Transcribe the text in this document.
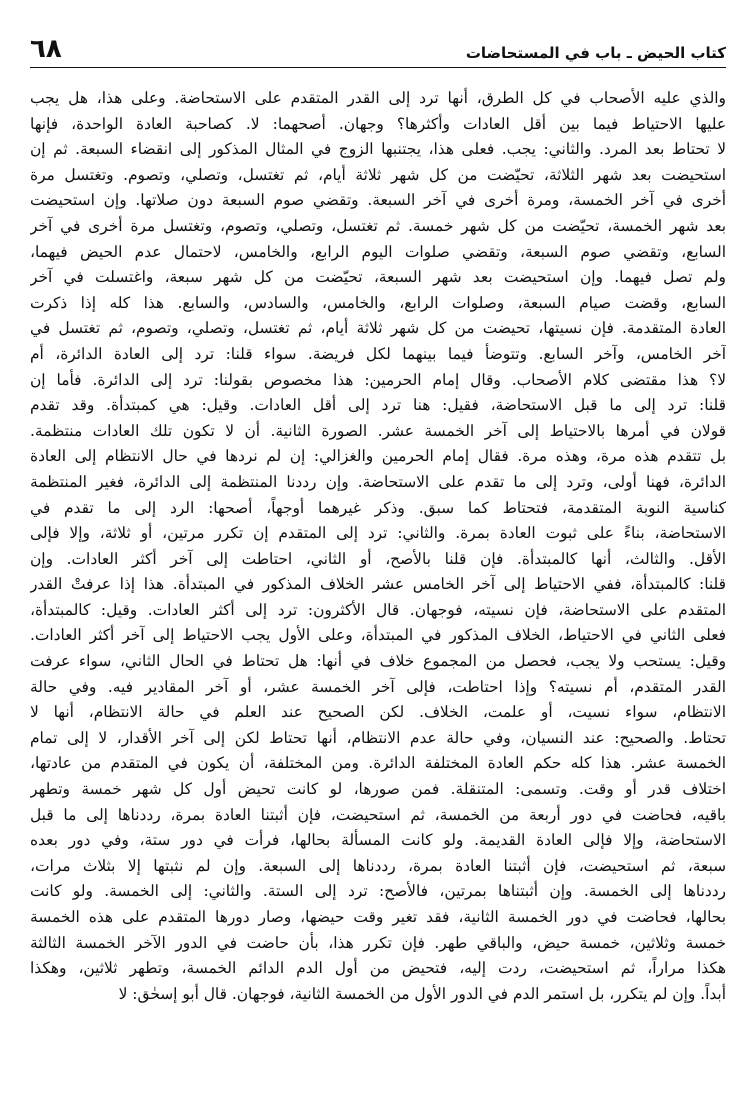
كتاب الحيض ـ باب في المستحاضات
٦٨
والذي عليه الأصحاب في كل الطرق، أنها ترد إلى القدر المتقدم على الاستحاضة. وعلى هذا، هل يجب
عليها الاحتياط فيما بين أقل العادات وأكثرها؟ وجهان. أصحهما: لا. كصاحبة العادة الواحدة، فإنها
لا تحتاط بعد المرد. والثاني: يجب. فعلى هذا، يجتنبها الزوج في المثال المذكور إلى انقضاء السبعة. ثم إن
استحيضت بعد شهر الثلاثة، تحيّضت من كل شهر ثلاثة أيام، ثم تغتسل، وتصلي، وتصوم. وتغتسل مرة
أخرى في آخر الخمسة، ومرة أخرى في آخر السبعة. وتقضي صوم السبعة دون صلاتها. وإن استحيضت
بعد شهر الخمسة، تحيّضت من كل شهر خمسة. ثم تغتسل، وتصلي، وتصوم، وتغتسل مرة أخرى في آخر
السابع، وتقضي صوم السبعة، وتقضي صلوات اليوم الرابع، والخامس، لاحتمال عدم الحيض فيهما،
ولم تصل فيهما. وإن استحيضت بعد شهر السبعة، تحيّضت من كل شهر سبعة، واغتسلت في آخر
السابع، وقضت صيام السبعة، وصلوات الرابع، والخامس، والسادس، والسابع. هذا كله إذا ذكرت
العادة المتقدمة. فإن نسيتها، تحيضت من كل شهر ثلاثة أيام، ثم تغتسل، وتصلي، وتصوم، ثم تغتسل في
آخر الخامس، وآخر السابع. وتتوضأ فيما بينهما لكل فريضة. سواء قلنا: ترد إلى العادة الدائرة، أم
لا؟ هذا مقتضى كلام الأصحاب. وقال إمام الحرمين: هذا مخصوص بقولنا: ترد إلى الدائرة. فأما إن
قلنا: ترد إلى ما قبل الاستحاضة، فقيل: هنا ترد إلى أقل العادات. وقيل: هي كمبتدأة. وقد تقدم
قولان في أمرها بالاحتياط إلى آخر الخمسة عشر. الصورة الثانية. أن لا تكون تلك العادات منتظمة.
بل تتقدم هذه مرة، وهذه مرة. فقال إمام الحرمين والغزالي: إن لم نردها في حال الانتظام إلى العادة
الدائرة، فهنا أولى، وترد إلى ما تقدم على الاستحاضة. وإن رددنا المنتظمة إلى الدائرة، فغير المنتظمة
كناسية النوبة المتقدمة، فتحتاط كما سبق. وذكر غيرهما أوجهاً، أصحها: الرد إلى ما تقدم في
الاستحاضة، بناءً على ثبوت العادة بمرة. والثاني: ترد إلى المتقدم إن تكرر مرتين، أو ثلاثة، وإلا فإلى
الأقل. والثالث، أنها كالمبتدأة. فإن قلنا بالأصح، أو الثاني، احتاطت إلى آخر أكثر العادات. وإن
قلنا: كالمبتدأة، ففي الاحتياط إلى آخر الخامس عشر الخلاف المذكور في المبتدأة. هذا إذا عرفتْ القدر
المتقدم على الاستحاضة، فإن نسيته، فوجهان. قال الأكثرون: ترد إلى أكثر العادات. وقيل: كالمبتدأة،
فعلى الثاني في الاحتياط، الخلاف المذكور في المبتدأة، وعلى الأول يجب الاحتياط إلى آخر أكثر العادات.
وقيل: يستحب ولا يجب، فحصل من المجموع خلاف في أنها: هل تحتاط في الحال الثاني، سواء عرفت
القدر المتقدم، أم نسيته؟ وإذا احتاطت، فإلى آخر الخمسة عشر، أو آخر المقادير فيه. وفي حالة
الانتظام، سواء نسيت، أو علمت، الخلاف. لكن الصحيح عند العلم في حالة الانتظام، أنها لا
تحتاط. والصحيح: عند النسيان، وفي حالة عدم الانتظام، أنها تحتاط لكن إلى آخر الأقدار، لا إلى تمام
الخمسة عشر. هذا كله حكم العادة المختلفة الدائرة. ومن المختلفة، أن يكون في المتقدم من عادتها،
اختلاف قدر أو وقت. وتسمى: المتنقلة. فمن صورها، لو كانت تحيض أول كل شهر خمسة وتطهر
باقيه، فحاضت في دور أربعة من الخمسة، ثم استحيضت، فإن أثبتنا العادة بمرة، رددناها إلى ما قبل
الاستحاضة، وإلا فإلى العادة القديمة. ولو كانت المسألة بحالها، فرأت في دور ستة، وفي دور بعده
سبعة، ثم استحيضت، فإن أثبتنا العادة بمرة، رددناها إلى السبعة. وإن لم نثبتها إلا بثلاث مرات،
رددناها إلى الخمسة. وإن أثبتناها بمرتين، فالأصح: ترد إلى الستة. والثاني: إلى الخمسة. ولو كانت
بحالها، فحاضت في دور الخمسة الثانية، فقد تغير وقت حيضها، وصار دورها المتقدم على هذه الخمسة
خمسة وثلاثين، خمسة حيض، والباقي طهر. فإن تكرر هذا، بأن حاضت في الدور الآخر الخمسة الثالثة
هكذا مراراً، ثم استحيضت، ردت إليه، فتحيض من أول الدم الدائم الخمسة، وتطهر ثلاثين، وهكذا
أبداً. وإن لم يتكرر، بل استمر الدم في الدور الأول من الخمسة الثانية، فوجهان. قال أبو إسحٰق: لا
